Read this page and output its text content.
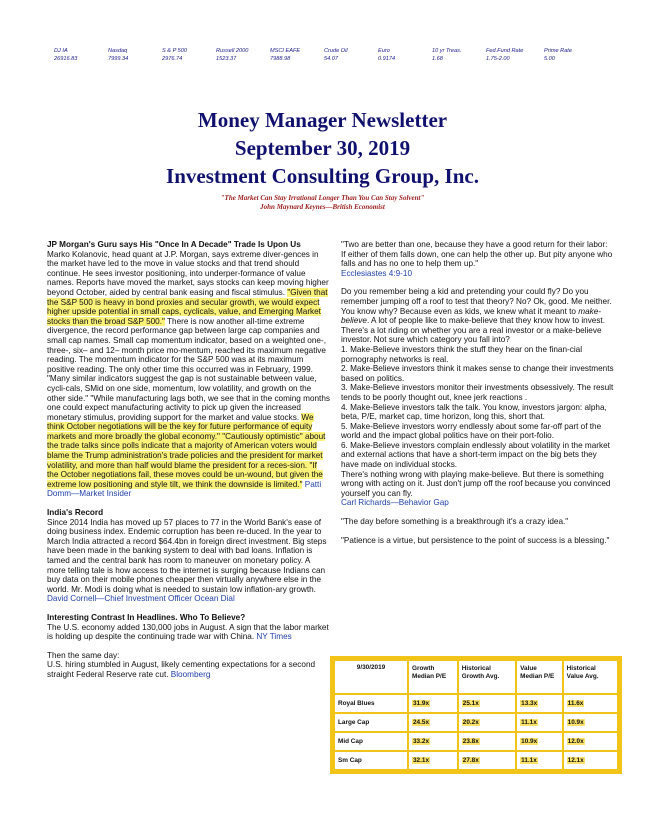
DJ IA
26916.83
Nasdaq
7999.34
S & P 500
2976.74
Russell 2000
1523.37
MSCI EAFE
7988.98
Crude Oil
54.07
Euro
0.9174
10 yr Treas.
1.68
Fed.Fund Rate
1.75-2.00
Prime Rate
5.00
Money Manager Newsletter
September 30, 2019
Investment Consulting Group, Inc.
"The Market Can Stay Irrational Longer Than You Can Stay Solvent"
John Maynard Keynes—British Economist
JP Morgan's Guru says His "Once In A Decade" Trade Is Upon Us
Marko Kolanovic, head quant at J.P. Morgan, says extreme diver-gences in the market have led to the move in value stocks and that trend should continue. He sees investor positioning, into underper-formance of value names. Reports have moved the market, says stocks can keep moving higher beyond October, aided by central bank easing and fiscal stimulus. "Given that the S&P 500 is heavy in bond proxies and secular growth, we would expect higher upside potential in small caps, cyclicals, value, and Emerging Market stocks than the broad S&P 500." There is now another all-time extreme divergence, the record performance gap between large cap companies and small cap names. Small cap momentum indicator, based on a weighted one-, three-, six– and 12– month price mo-mentum, reached its maximum negative reading. The momentum indicator for the S&P 500 was at its maximum positive reading. The only other time this occurred was in February, 1999. "Many similar indicators suggest the gap is not sustainable between value, cycli-cals, SMid on one side, momentum, low volatility, and growth on the other side." "While manufacturing lags both, we see that in the coming months one could expect manufacturing activity to pick up given the increased monetary stimulus, providing support for the market and value stocks. We think October negotiations will be the key for future performance of equity markets and more broadly the global economy." "Cautiously optimistic" about the trade talks since polls indicate that a majority of American voters would blame the Trump administration's trade policies and the president for market volatility, and more than half would blame the president for a reces-sion. "If the October negotiations fail, these moves could be un-wound, but given the extreme low positioning and style tilt, we think the downside is limited." Patti Domm—Market Insider
India's Record
Since 2014 India has moved up 57 places to 77 in the World Bank's ease of doing business index. Endemic corruption has been re-duced. In the year to March India attracted a record $64.4bn in foreign direct investment. Big steps have been made in the banking system to deal with bad loans. Inflation is tamed and the central bank has room to maneuver on monetary policy. A more telling tale is how access to the internet is surging because Indians can buy data on their mobile phones cheaper then virtually anywhere else in the world. Mr. Modi is doing what is needed to sustain low inflation-ary growth. David Cornell—Chief Investment Officer Ocean Dial
Interesting Contrast In Headlines. Who To Believe?
The U.S. economy added 130,000 jobs in August. A sign that the labor market is holding up despite the continuing trade war with China. NY Times
Then the same day:
U.S. hiring stumbled in August, likely cementing expectations for a second straight Federal Reserve rate cut. Bloomberg
"Two are better than one, because they have a good return for their labor: If either of them falls down, one can help the other up. But pity anyone who falls and has no one to help them up."
Ecclesiastes 4:9-10
Do you remember being a kid and pretending your could fly? Do you remember jumping off a roof to test that theory? No? Ok, good. Me neither. You know why? Because even as kids, we knew what it meant to make-believe. A lot of people like to make-believe that they know how to invest. There's a lot riding on whether you are a real investor or a make-believe investor. Not sure which category you fall into?
1. Make-Believe investors think the stuff they hear on the finan-cial pornography networks is real.
2. Make-Believe investors think it makes sense to change their investments based on politics.
3. Make-Believe investors monitor their investments obsessively. The result tends to be poorly thought out, knee jerk reactions .
4. Make-Believe investors talk the talk. You know, investors jargon: alpha, beta, P/E, market cap, time horizon, long this, short that.
5. Make-Believe investors worry endlessly about some far-off part of the world and the impact global politics have on their port-folio.
6. Make-Believe investors complain endlessly about volatility in the market and external actions that have a short-term impact on the big bets they have made on individual stocks.
There's nothing wrong with playing make-believe. But there is something wrong with acting on it. Just don't jump off the roof because you convinced yourself you can fly.
Carl Richards—Behavior Gap
"The day before something is a breakthrough it's a crazy idea."
"Patience is a virtue, but persistence to the point of success is a blessing."
9/30/2019	Growth Median P/E	Historical Growth Avg.	Value Median P/E	Historical Value Avg.
Royal Blues	31.9x	25.1x	13.3x	11.6x
Large Cap	24.5x	20.2x	11.1x	10.9x
Mid Cap	33.2x	23.8x	10.9x	12.0x
Sm Cap	32.1x	27.8x	11.1x	12.1x
